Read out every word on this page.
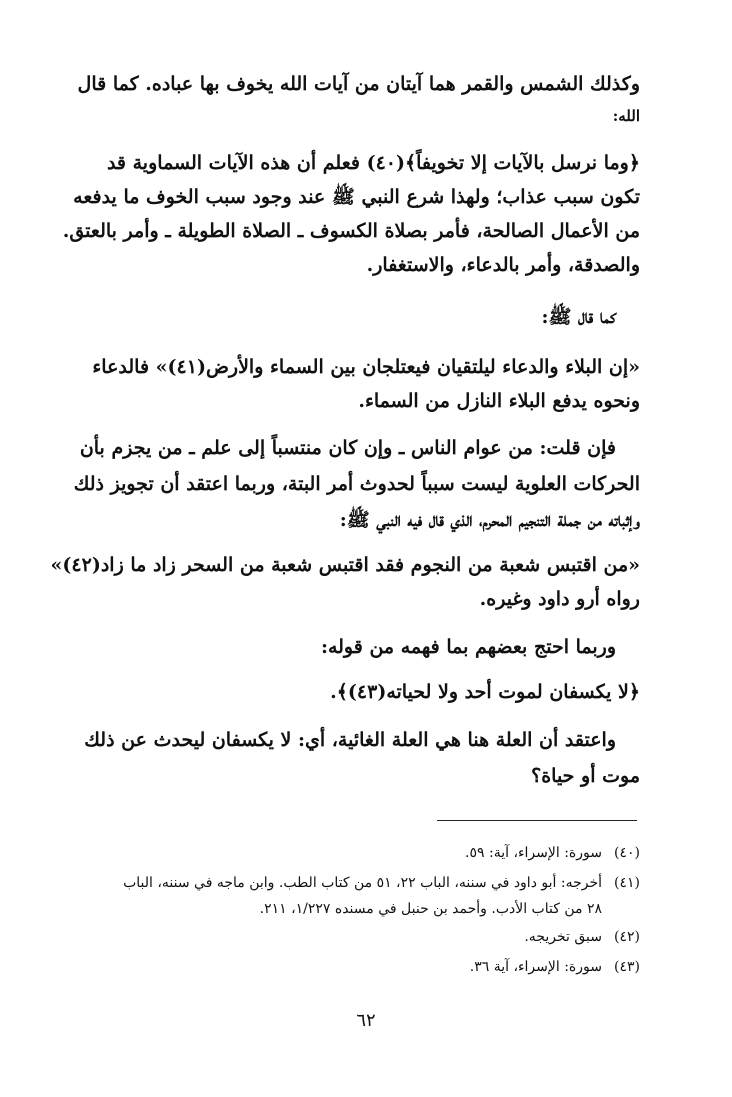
وكذلك الشمس والقمر هما آيتان من آيات الله يخوف بها عباده. كما قال
الله:
﴿وما نرسل بالآيات إلا تخويفاً﴾(٤٠) فعلم أن هذه الآيات السماوية قد
تكون سبب عذاب؛ ولهذا شرع النبي ﷺ عند وجود سبب الخوف ما يدفعه
من الأعمال الصالحة، فأمر بصلاة الكسوف ـ الصلاة الطويلة ـ وأمر بالعتق.
والصدقة، وأمر بالدعاء، والاستغفار.
كما قال ﷺ:
«إن البلاء والدعاء ليلتقيان فيعتلجان بين السماء والأرض(٤١)» فالدعاء
ونحوه يدفع البلاء النازل من السماء.
فإن قلت: من عوام الناس ـ وإن كان منتسباً إلى علم ـ من يجزم بأن
الحركات العلوية ليست سبباً لحدوث أمر البتة، وربما اعتقد أن تجويز ذلك
وإثباته من جملة التنجيم المحرم، الذي قال فيه النبي ﷺ:
«من اقتبس شعبة من النجوم فقد اقتبس شعبة من السحر زاد ما زاد(٤٢)»
رواه أرو داود وغيره.
وربما احتج بعضهم بما فهمه من قوله:
﴿لا يكسفان لموت أحد ولا لحياته(٤٣)﴾.
واعتقد أن العلة هنا هي العلة الغائية، أي: لا يكسفان ليحدث عن ذلك
موت أو حياة؟
(٤٠)سورة: الإسراء، آية: ٥٩.
(٤١)أخرجه: أبو داود في سننه، الباب ٢٢، ٥١ من كتاب الطب. وابن ماجه في سننه، الباب
٢٨ من كتاب الأدب. وأحمد بن حنبل في مسنده ١/٢٢٧، ٢١١.
(٤٢)سبق تخريجه.
(٤٣)سورة: الإسراء، آية ٣٦.
٦٢
